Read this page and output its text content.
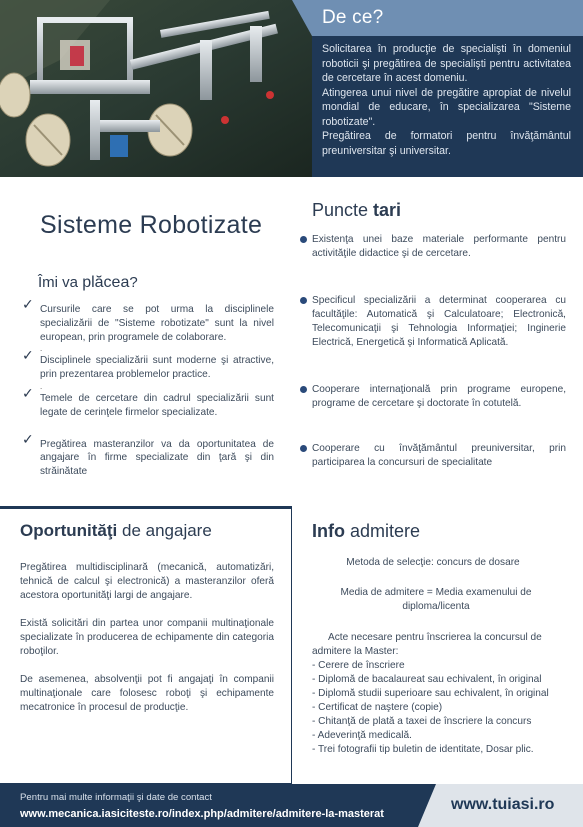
De ce?

Solicitarea în producţie de specialişti în domeniul roboticii şi pregătirea de specialişti pentru activitatea de cercetare în acest domeniu.

Atingerea unui nivel de pregătire apropiat de nivelul mondial de educare, în specializarea "Sisteme robotizate".

Pregătirea de formatori pentru învăţământul preuniversitar şi universitar.

Sisteme Robotizate
Îmi va plăcea?
✓ Cursurile care se pot urma la disciplinele specializării de "Sisteme robotizate" sunt la nivel european, prin programele de colaborare.
.
✓ Disciplinele specializării sunt moderne şi atractive, prin prezentarea problemelor practice.
.
✓ Temele de cercetare din cadrul specializării sunt legate de cerinţele firmelor specializate.
✓ Pregătirea masteranzilor va da oportunitatea de angajare în firme specializate din ţară şi din străinătate
Puncte tari
Existenţa unei baze materiale performante pentru activităţile didactice şi de cercetare.
Specificul specializării a determinat cooperarea cu facultăţile: Automatică şi Calculatoare; Electronică, Telecomunicaţii şi Tehnologia Informaţiei; Inginerie Electrică, Energetică şi Informatică Aplicată.
Cooperare internaţională prin programe europene, programe de cercetare şi doctorate în cotutelă.
Cooperare cu învăţământul preuniversitar, prin participarea la concursuri de specialitate
Oportunităţi de angajare

Pregătirea multidisciplinară (mecanică, automatizări, tehnică de calcul şi electronică) a masteranzilor oferă acestora oportunităţi largi de angajare.

Există solicitări din partea unor companii multinaţionale specializate în producerea de echipamente din categoria roboţilor.

De asemenea, absolvenţii pot fi angajaţi în companii multinaţionale care folosesc roboţi şi echipamente mecatronice în procesul de producţie.

Info admitere
Metoda de selecţie: concurs de dosare
Media de admitere = Media examenului de diploma/licenta
Acte necesare pentru înscrierea la concursul de admitere la Master:
- Cerere de înscriere
- Diplomă de bacalaureat sau echivalent, în original
- Diplomă studii superioare sau echivalent, în original
- Certificat de naştere (copie)
- Chitanţă de plată a taxei de înscriere la concurs
- Adeverinţă medicală.
- Trei fotografii tip buletin de identitate, Dosar plic.
Pentru mai multe informaţii şi date de contact
www.mecanica.iasiciteste.ro/index.php/admitere/admitere-la-masterat
www.tuiasi.ro
